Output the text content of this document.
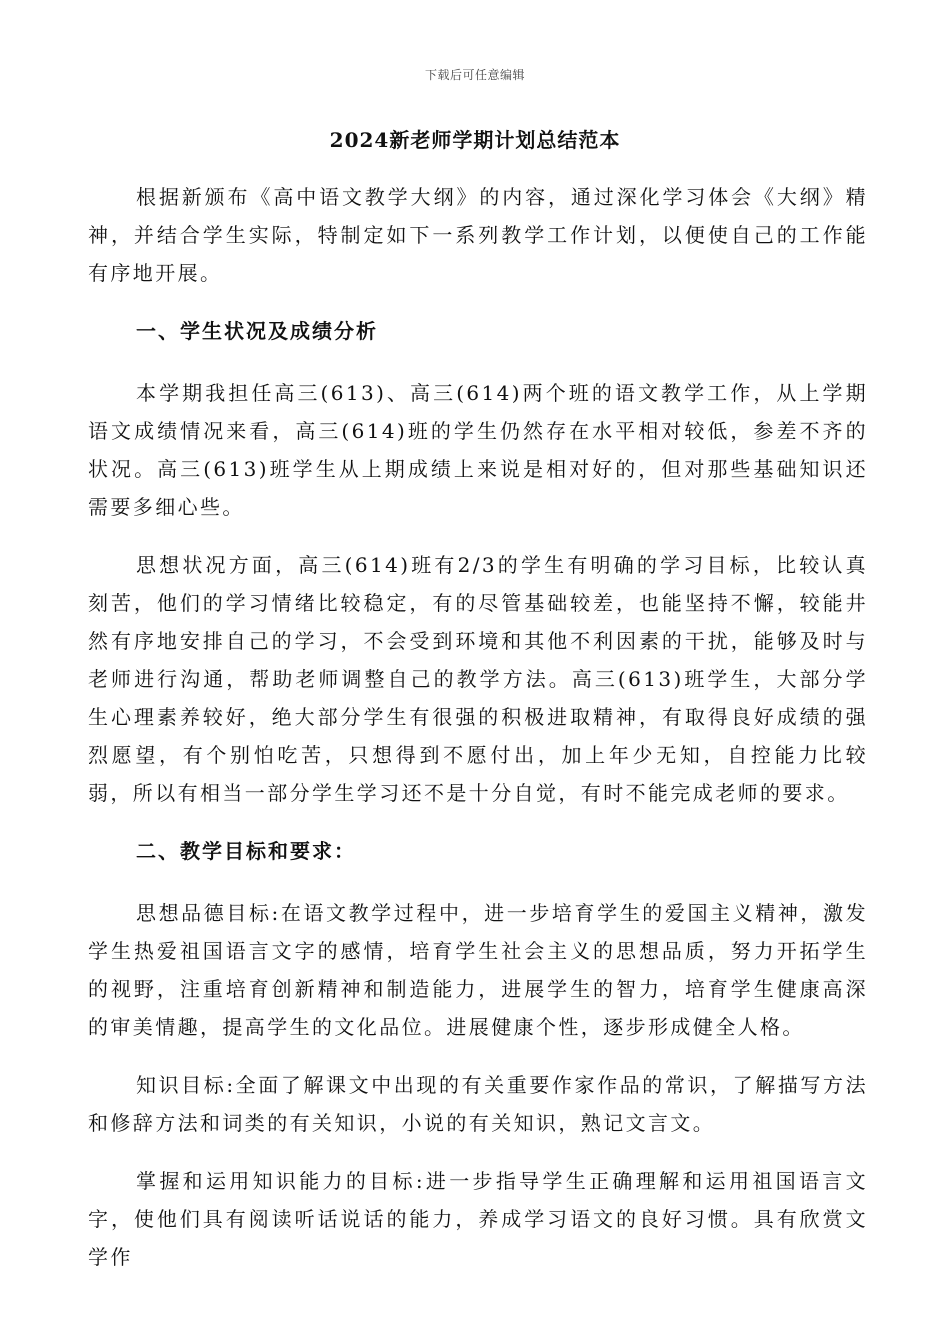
下载后可任意编辑
2024新老师学期计划总结范本

根据新颁布《高中语文教学大纲》的内容，通过深化学习体会《大纲》精神，并结合学生实际，特制定如下一系列教学工作计划，以便使自己的工作能有序地开展。

一、学生状况及成绩分析

本学期我担任高三(613)、高三(614)两个班的语文教学工作，从上学期语文成绩情况来看，高三(614)班的学生仍然存在水平相对较低，参差不齐的状况。高三(613)班学生从上期成绩上来说是相对好的，但对那些基础知识还需要多细心些。

思想状况方面，高三(614)班有2/3的学生有明确的学习目标，比较认真刻苦，他们的学习情绪比较稳定，有的尽管基础较差，也能坚持不懈，较能井然有序地安排自己的学习，不会受到环境和其他不利因素的干扰，能够及时与老师进行沟通，帮助老师调整自己的教学方法。高三(613)班学生，大部分学生心理素养较好，绝大部分学生有很强的积极进取精神，有取得良好成绩的强烈愿望，有个别怕吃苦，只想得到不愿付出，加上年少无知，自控能力比较弱，所以有相当一部分学生学习还不是十分自觉，有时不能完成老师的要求。

二、教学目标和要求：

思想品德目标:在语文教学过程中，进一步培育学生的爱国主义精神，激发学生热爱祖国语言文字的感情，培育学生社会主义的思想品质，努力开拓学生的视野，注重培育创新精神和制造能力，进展学生的智力，培育学生健康高深的审美情趣，提高学生的文化品位。进展健康个性，逐步形成健全人格。

知识目标:全面了解课文中出现的有关重要作家作品的常识，了解描写方法和修辞方法和词类的有关知识，小说的有关知识，熟记文言文。

掌握和运用知识能力的目标:进一步指导学生正确理解和运用祖国语言文字，使他们具有阅读听话说话的能力，养成学习语文的良好习惯。具有欣赏文学作
